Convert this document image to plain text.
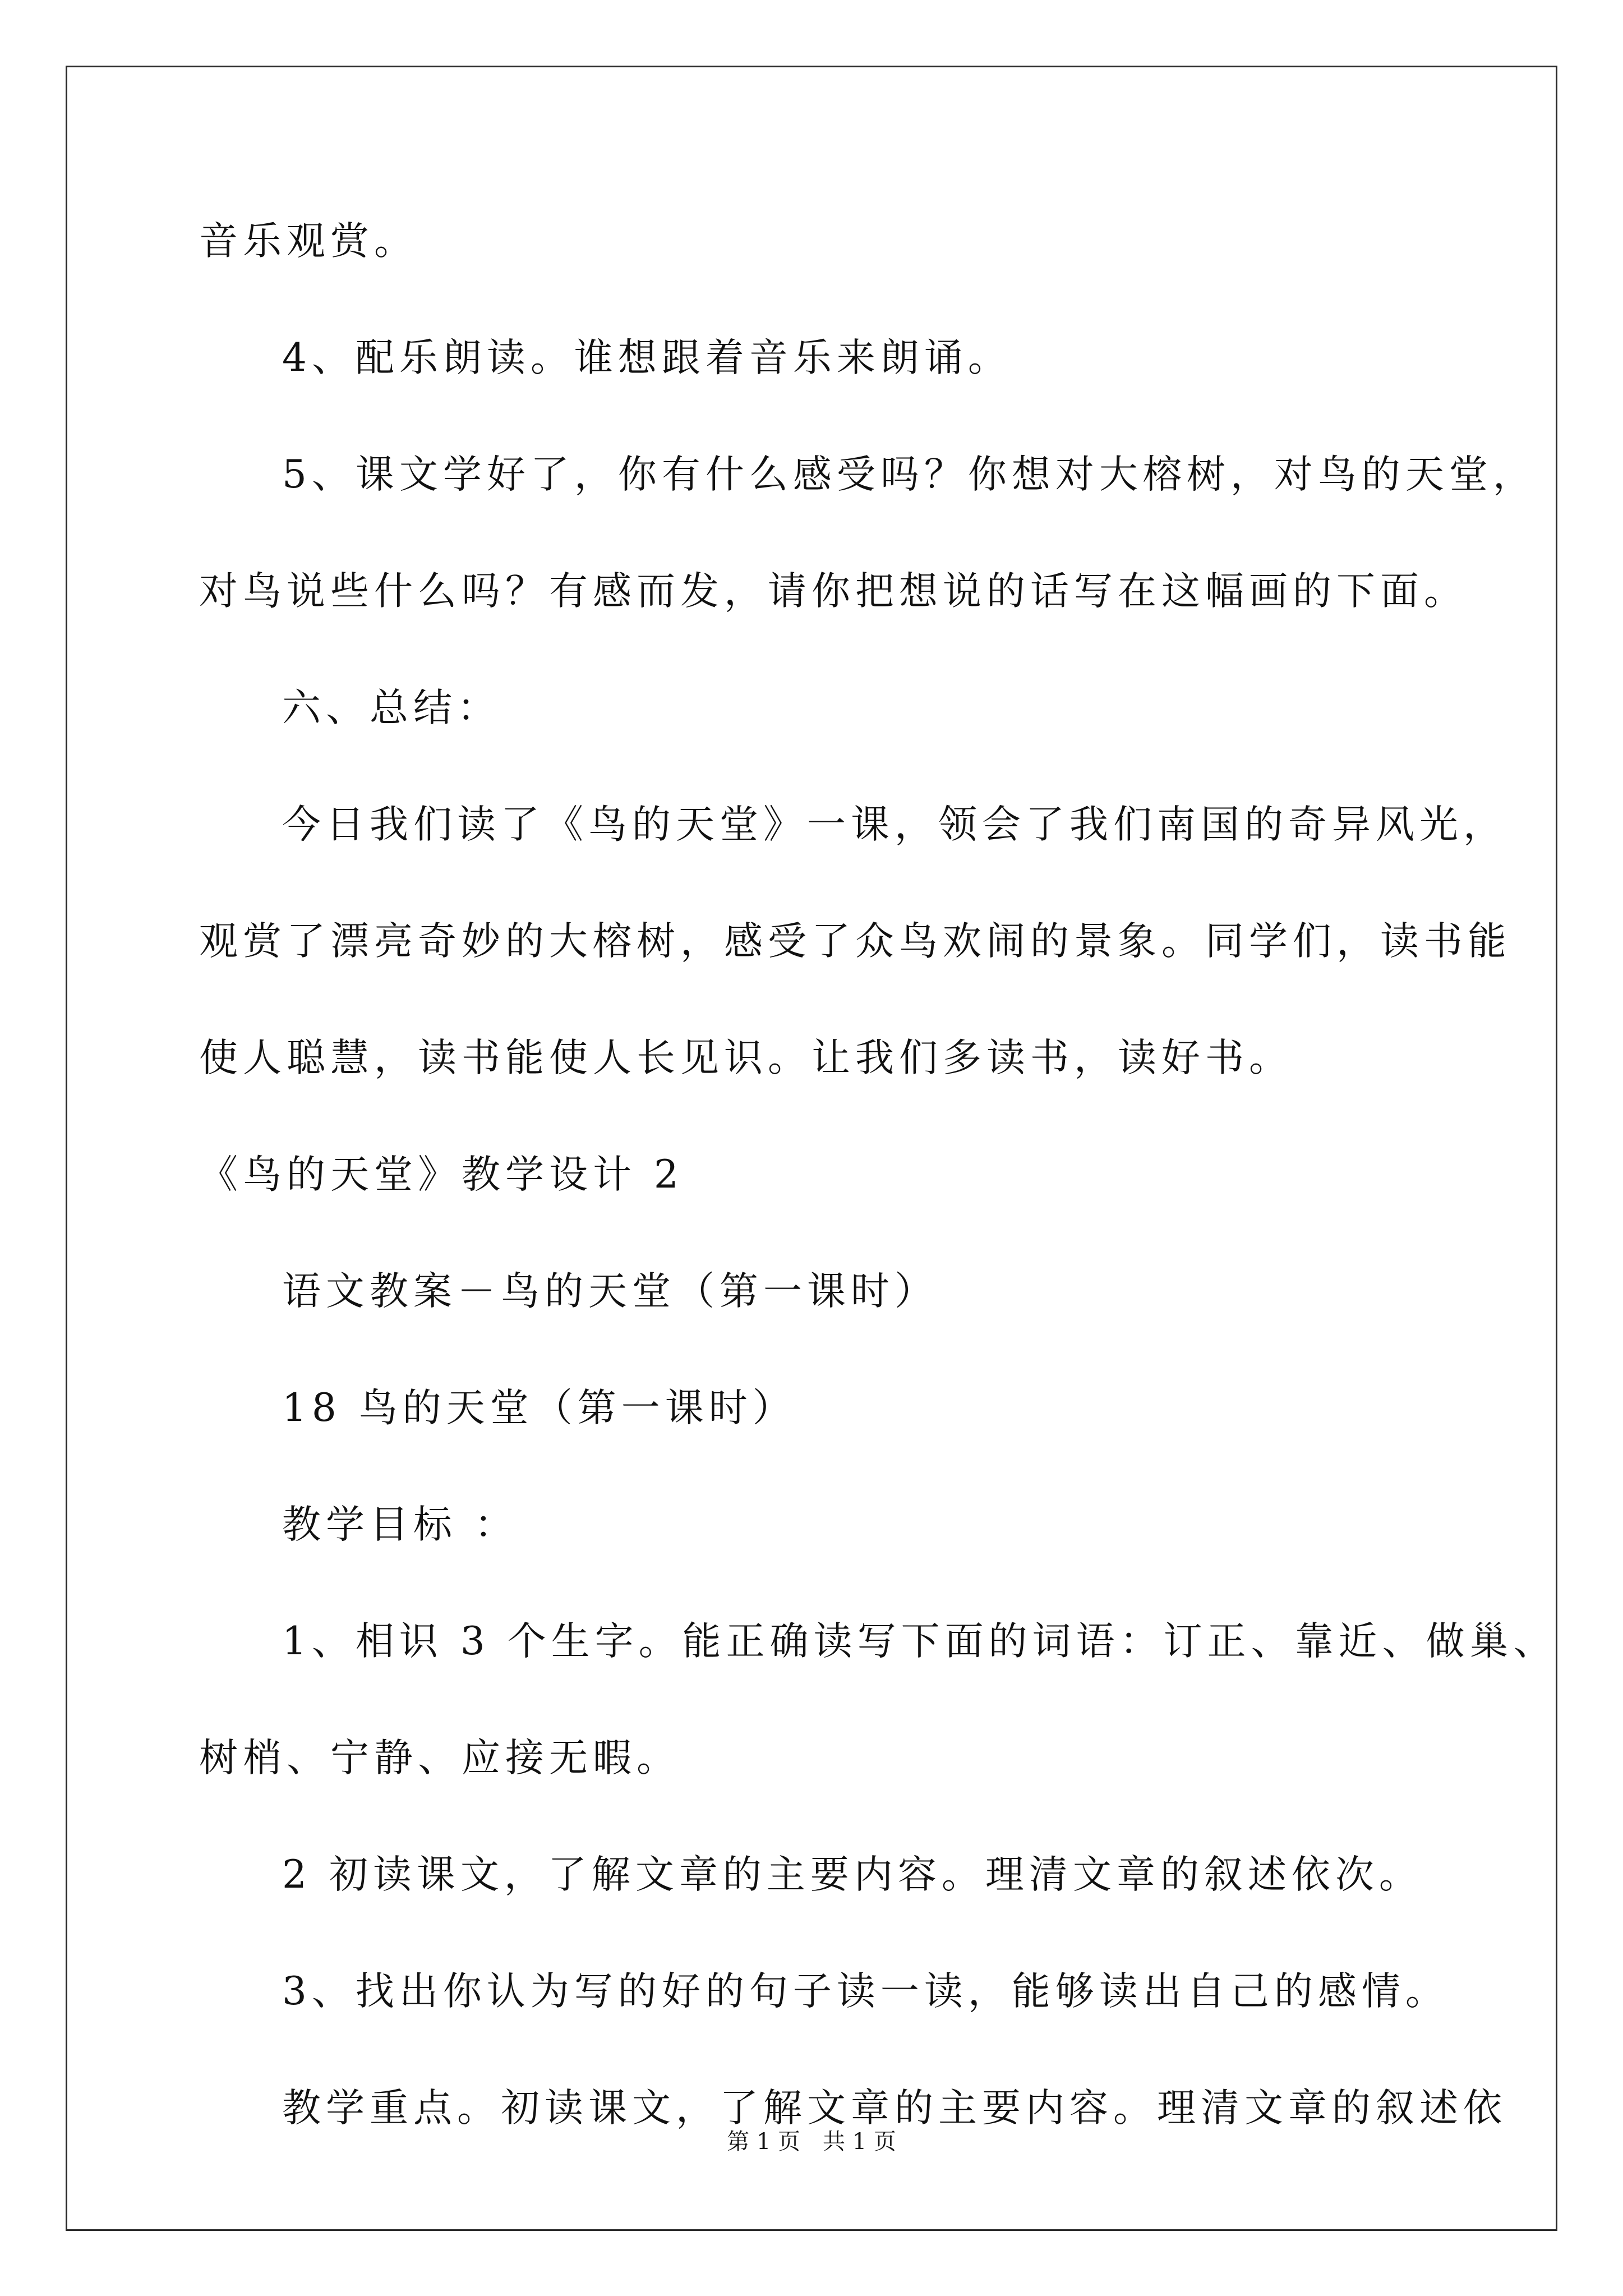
音乐观赏。
4、配乐朗读。谁想跟着音乐来朗诵。
5、课文学好了，你有什么感受吗？你想对大榕树，对鸟的天堂，
对鸟说些什么吗？有感而发，请你把想说的话写在这幅画的下面。
六、总结：
今日我们读了《鸟的天堂》一课，领会了我们南国的奇异风光，
观赏了漂亮奇妙的大榕树，感受了众鸟欢闹的景象。同学们，读书能
使人聪慧，读书能使人长见识。让我们多读书，读好书。
《鸟的天堂》教学设计 2
语文教案－鸟的天堂（第一课时）
18 鸟的天堂（第一课时）
教学目标 ：
1、相识 3 个生字。能正确读写下面的词语：订正、靠近、做巢、
树梢、宁静、应接无暇。
2 初读课文，了解文章的主要内容。理清文章的叙述依次。
3、找出你认为写的好的句子读一读，能够读出自己的感情。
教学重点。初读课文，了解文章的主要内容。理清文章的叙述依
第 1 页 共 1 页
